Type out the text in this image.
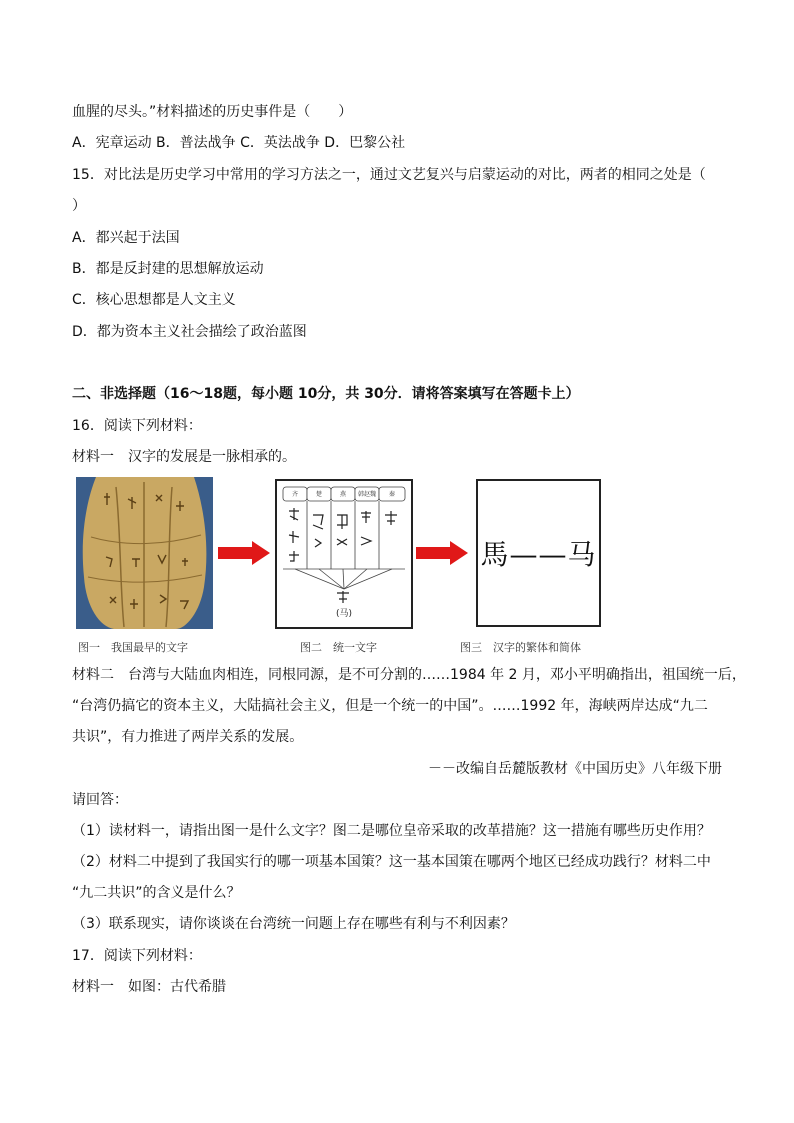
血腥的尽头。”材料描述的历史事件是（　　）
A．宪章运动 B．普法战争 C．英法战争 D．巴黎公社
15．对比法是历史学习中常用的学习方法之一，通过文艺复兴与启蒙运动的对比，两者的相同之处是（
）
A．都兴起于法国
B．都是反封建的思想解放运动
C．核心思想都是人文主义
D．都为资本主义社会描绘了政治蓝图
二、非选择题（16～18题，每小题 10分，共 30分．请将答案填写在答题卡上）
16．阅读下列材料：
材料一　汉字的发展是一脉相承的。
图一　我国最早的文字
(马)
齐	楚	燕	韩赵魏	秦
图二　统一文字
馬——马
图三　汉字的繁体和简体
材料二　台湾与大陆血肉相连，同根同源，是不可分割的……1984 年 2 月，邓小平明确指出，祖国统一后，
“台湾仍搞它的资本主义，大陆搞社会主义，但是一个统一的中国”。……1992 年，海峡两岸达成“九二
共识”，有力推进了两岸关系的发展。
－－改编自岳麓版教材《中国历史》八年级下册
请回答：
（1）读材料一，请指出图一是什么文字？图二是哪位皇帝采取的改革措施？这一措施有哪些历史作用？
（2）材料二中提到了我国实行的哪一项基本国策？这一基本国策在哪两个地区已经成功践行？材料二中
“九二共识”的含义是什么？
（3）联系现实，请你谈谈在台湾统一问题上存在哪些有利与不利因素？
17．阅读下列材料：
材料一　如图：古代希腊
